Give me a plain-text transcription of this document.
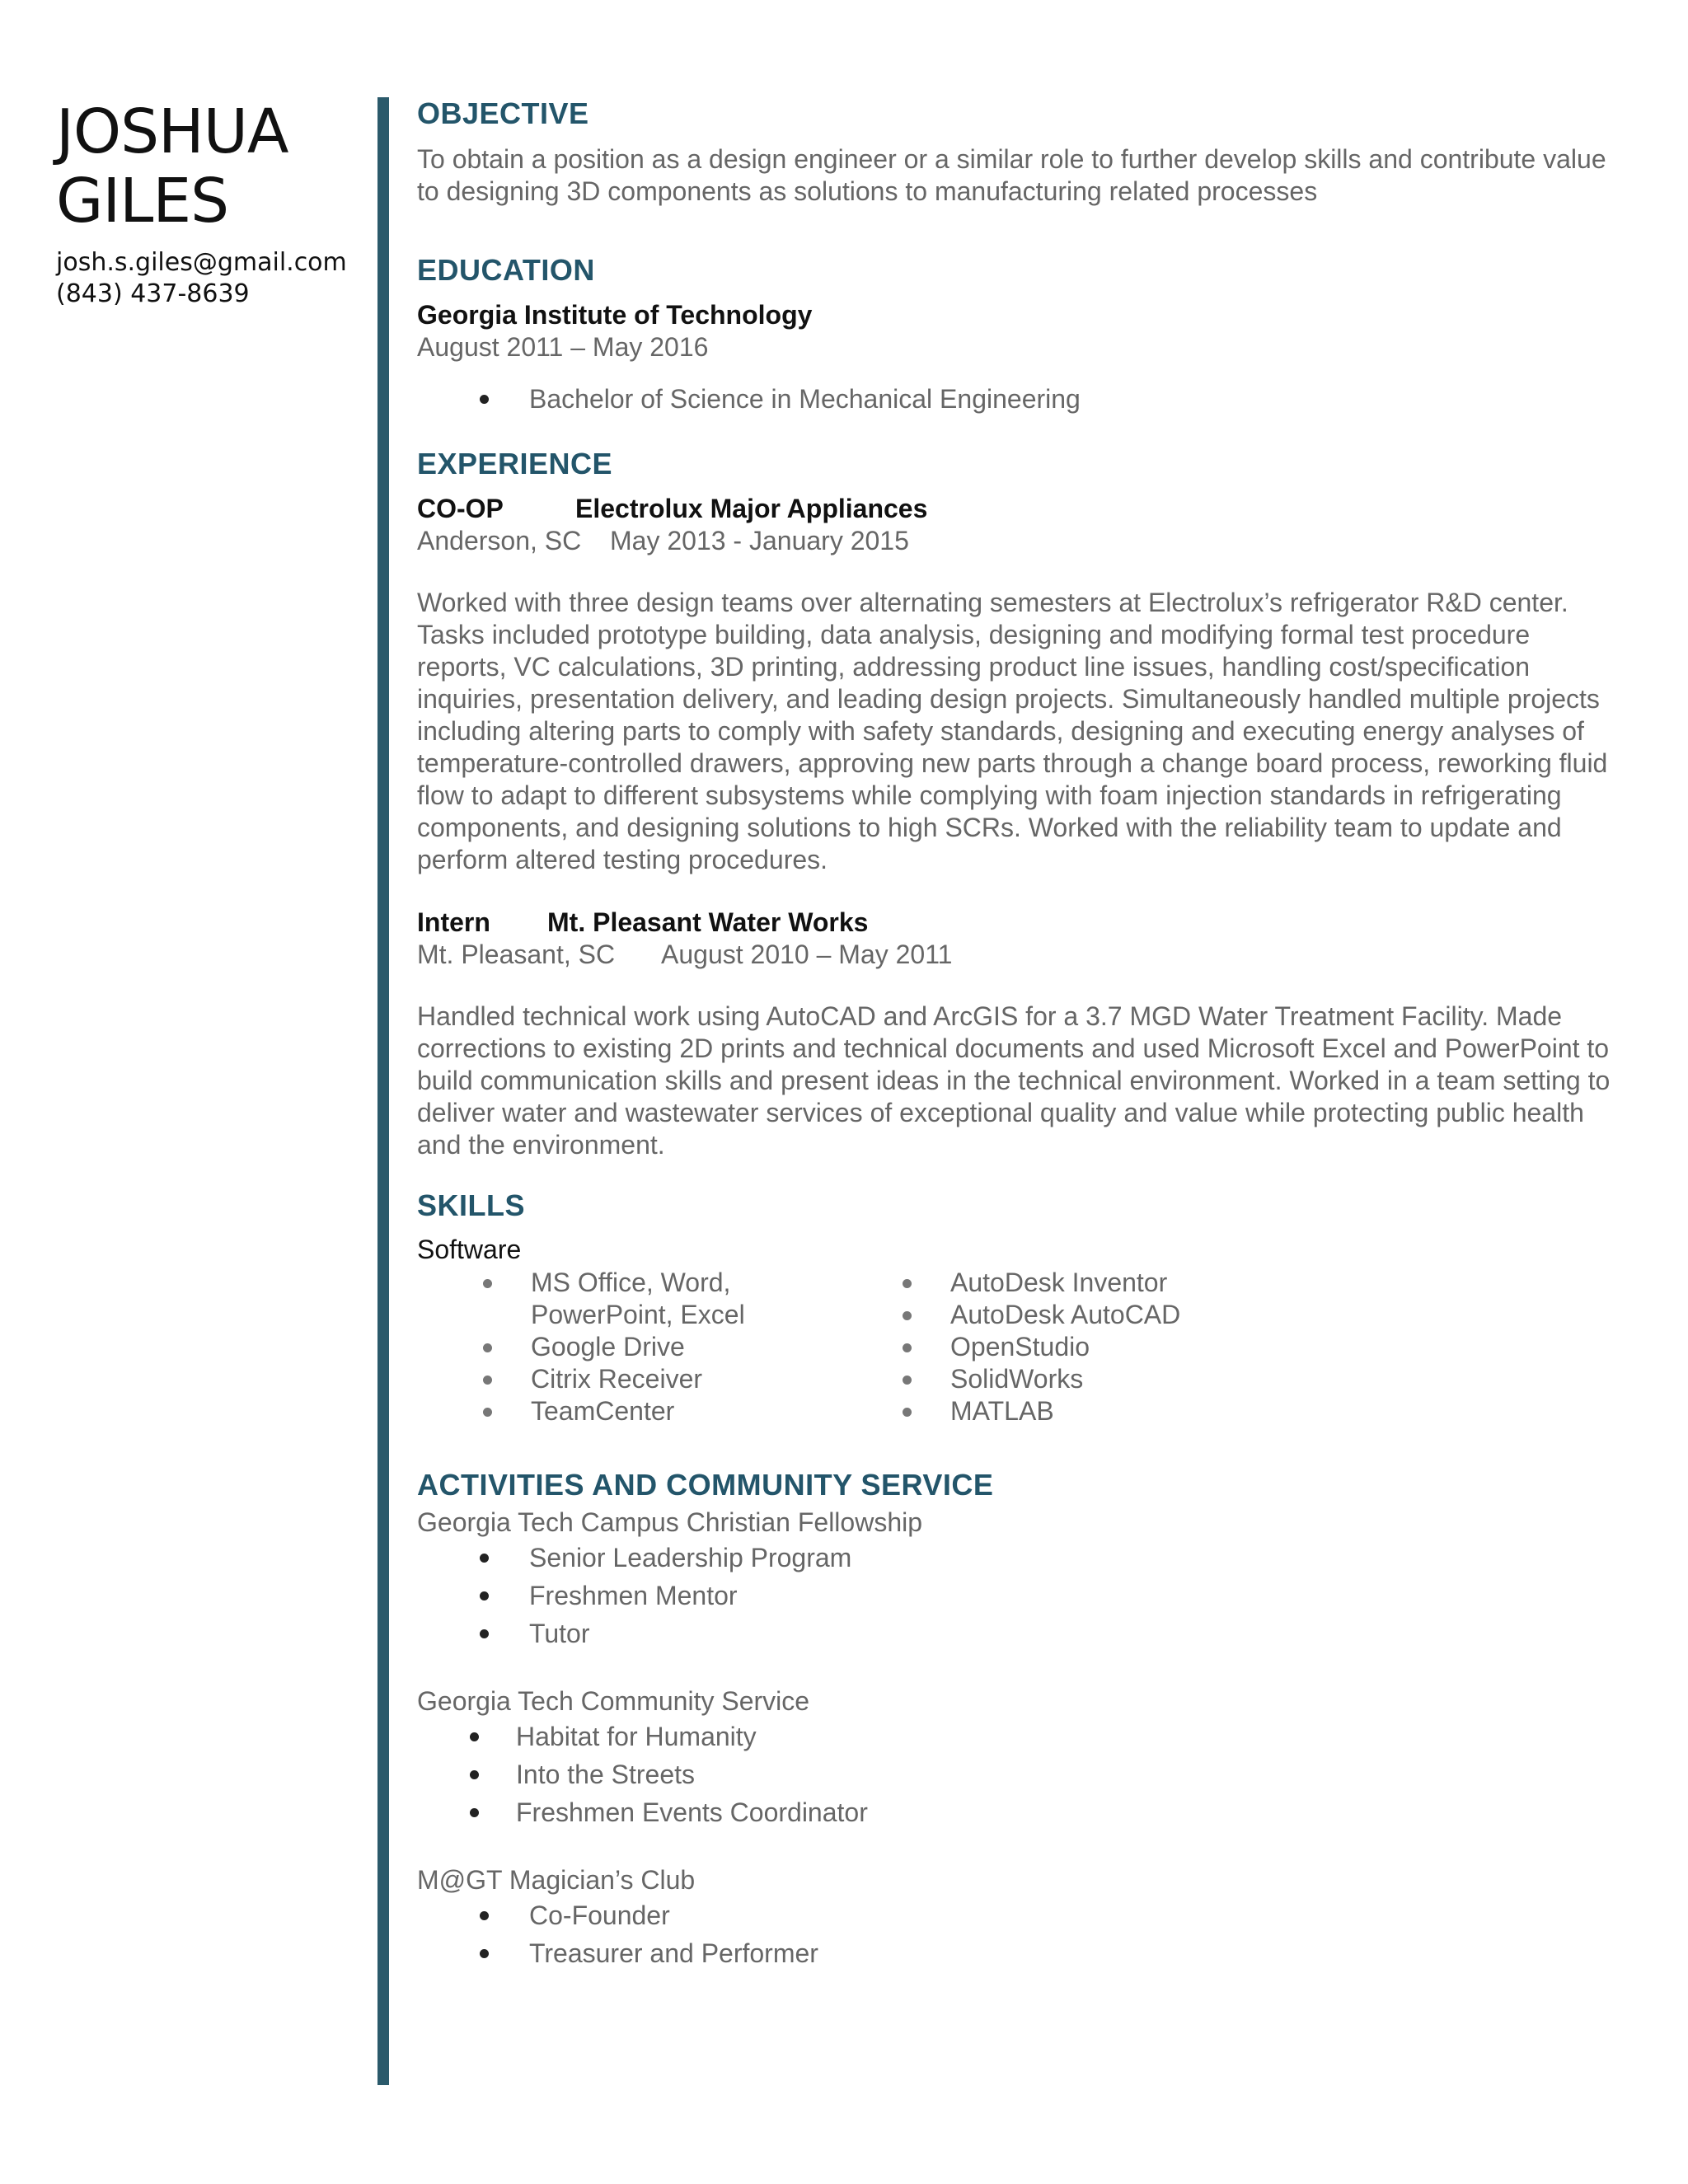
JOSHUA
GILES
josh.s.giles@gmail.com
(843) 437-8639
OBJECTIVE
To obtain a position as a design engineer or a similar role to further develop skills and contribute value to designing 3D components as solutions to manufacturing related processes
EDUCATION
Georgia Institute of Technology
August 2011 – May 2016
Bachelor of Science in Mechanical Engineering
EXPERIENCE
CO-OP	Electrolux Major Appliances
Anderson, SC May 2013 - January 2015
Worked with three design teams over alternating semesters at Electrolux’s refrigerator R&D center. Tasks included prototype building, data analysis, designing and modifying formal test procedure reports, VC calculations, 3D printing, addressing product line issues, handling cost/specification inquiries, presentation delivery, and leading design projects. Simultaneously handled multiple projects including altering parts to comply with safety standards, designing and executing energy analyses of temperature-controlled drawers, approving new parts through a change board process, reworking fluid flow to adapt to different subsystems while complying with foam injection standards in refrigerating components, and designing solutions to high SCRs. Worked with the reliability team to update and perform altered testing procedures.
Intern	Mt. Pleasant Water Works
Mt. Pleasant, SC August 2010 – May 2011
Handled technical work using AutoCAD and ArcGIS for a 3.7 MGD Water Treatment Facility. Made corrections to existing 2D prints and technical documents and used Microsoft Excel and PowerPoint to build communication skills and present ideas in the technical environment. Worked in a team setting to deliver water and wastewater services of exceptional quality and value while protecting public health and the environment.
SKILLS
Software
MS Office, Word, PowerPoint, Excel
Google Drive
Citrix Receiver
TeamCenter
AutoDesk Inventor
AutoDesk AutoCAD
OpenStudio
SolidWorks
MATLAB
ACTIVITIES AND COMMUNITY SERVICE
Georgia Tech Campus Christian Fellowship
Senior Leadership Program
Freshmen Mentor
Tutor
Georgia Tech Community Service
Habitat for Humanity
Into the Streets
Freshmen Events Coordinator
M@GT Magician’s Club
Co-Founder
Treasurer and Performer
